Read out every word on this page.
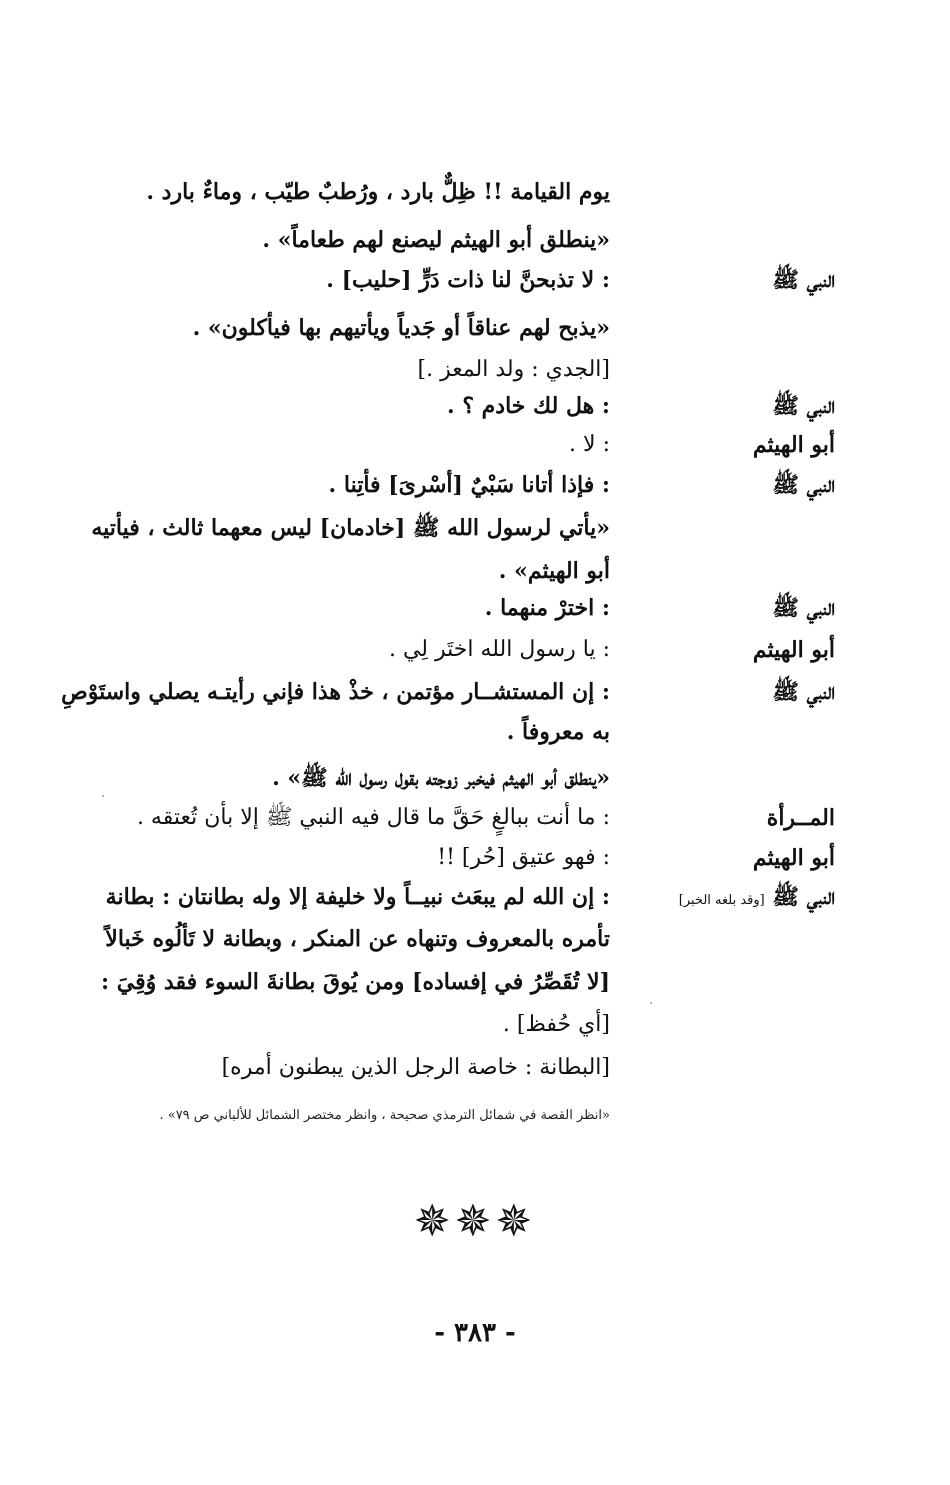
يوم القيامة !! ظِلٌّ بارد ، ورُطبٌ طيّب ، وماءٌ بارد .
«ينطلق أبو الهيثم ليصنع لهم طعاماً» .
: لا تذبحنَّ لنا ذات دَرٍّ [حليب] .	النبي ﷺ
«يذبح لهم عناقاً أو جَدياً ويأتيهم بها فيأكلون» .
[الجدي : ولد المعز .]
: هل لك خادم ؟ .	النبي ﷺ
: لا .	أبو الهيثم
: فإذا أتانا سَبْيٌ [أسْرىَ] فأتِنا .	النبي ﷺ
«يأتي لرسول الله ﷺ [خادمان] ليس معهما ثالث ، فيأتيه
أبو الهيثم» .
: اخترْ منهما .	النبي ﷺ
: يا رسول الله اختَر لِي .	أبو الهيثم
: إن المستشــار مؤتمن ، خذْ هذا فإني رأيتـه يصلي واستَوْصِ	النبي ﷺ
به معروفاً .
«ينطلق أبو الهيثم فيخبر زوجته بقول رسول الله ﷺ» .
: ما أنت ببالغٍ حَقَّ ما قال فيه النبي ﷺ إلا بأن تُعتقه .	المــرأة
: فهو عتيق [حُر] !!	أبو الهيثم
: إن الله لم يبعَث نبيــاً ولا خليفة إلا وله بطانتان : بطانة	النبي ﷺ [وقد بلغه الخبر]
تأمره بالمعروف وتنهاه عن المنكر ، وبطانة لا تَألُوه خَبالاً
[لا تُقَصِّرُ في إفساده] ومن يُوقَ بطانةَ السوء فقد وُقِيَ :
[أي حُفظ] .
[البطانة : خاصة الرجل الذين يبطنون أمره]
«انظر القصة في شمائل الترمذي صحيحة ، وانظر مختصر الشمائل للألباني ص ٧٩» .
✵✵✵
- ٣٨٣ -
